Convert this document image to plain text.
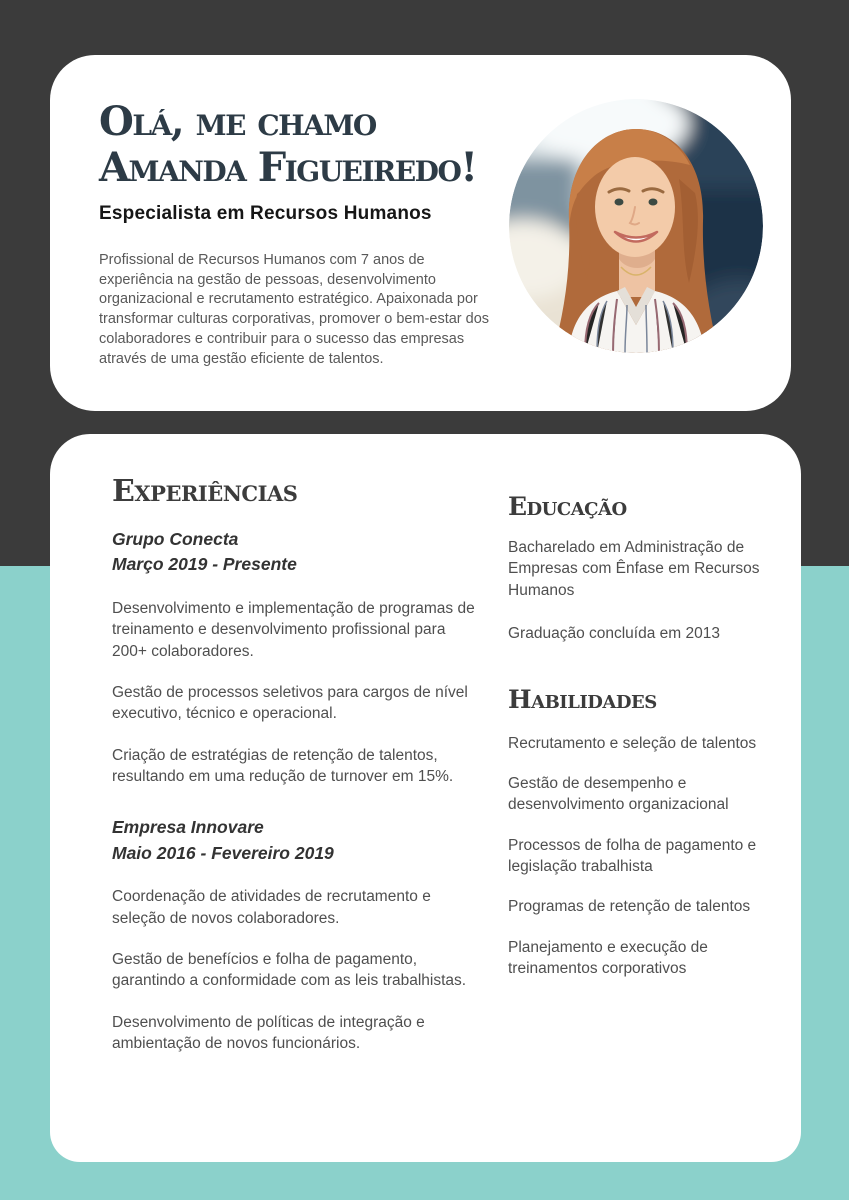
Olá, me chamo
Amanda Figueiredo!
Especialista em Recursos Humanos

Profissional de Recursos Humanos com 7 anos de experiência na gestão de pessoas, desenvolvimento organizacional e recrutamento estratégico. Apaixonada por transformar culturas corporativas, promover o bem-estar dos colaboradores e contribuir para o sucesso das empresas através de uma gestão eficiente de talentos.

Experiências
Grupo Conecta
Março 2019 - Presente

Desenvolvimento e implementação de programas de treinamento e desenvolvimento profissional para 200+ colaboradores.

Gestão de processos seletivos para cargos de nível executivo, técnico e operacional.

Criação de estratégias de retenção de talentos, resultando em uma redução de turnover em 15%.

Empresa Innovare
Maio 2016 - Fevereiro 2019

Coordenação de atividades de recrutamento e seleção de novos colaboradores.

Gestão de benefícios e folha de pagamento, garantindo a conformidade com as leis trabalhistas.

Desenvolvimento de políticas de integração e ambientação de novos funcionários.

Educação

Bacharelado em Administração de Empresas com Ênfase em Recursos Humanos

Graduação concluída em 2013

Habilidades

Recrutamento e seleção de talentos

Gestão de desempenho e desenvolvimento organizacional

Processos de folha de pagamento e legislação trabalhista

Programas de retenção de talentos

Planejamento e execução de treinamentos corporativos
